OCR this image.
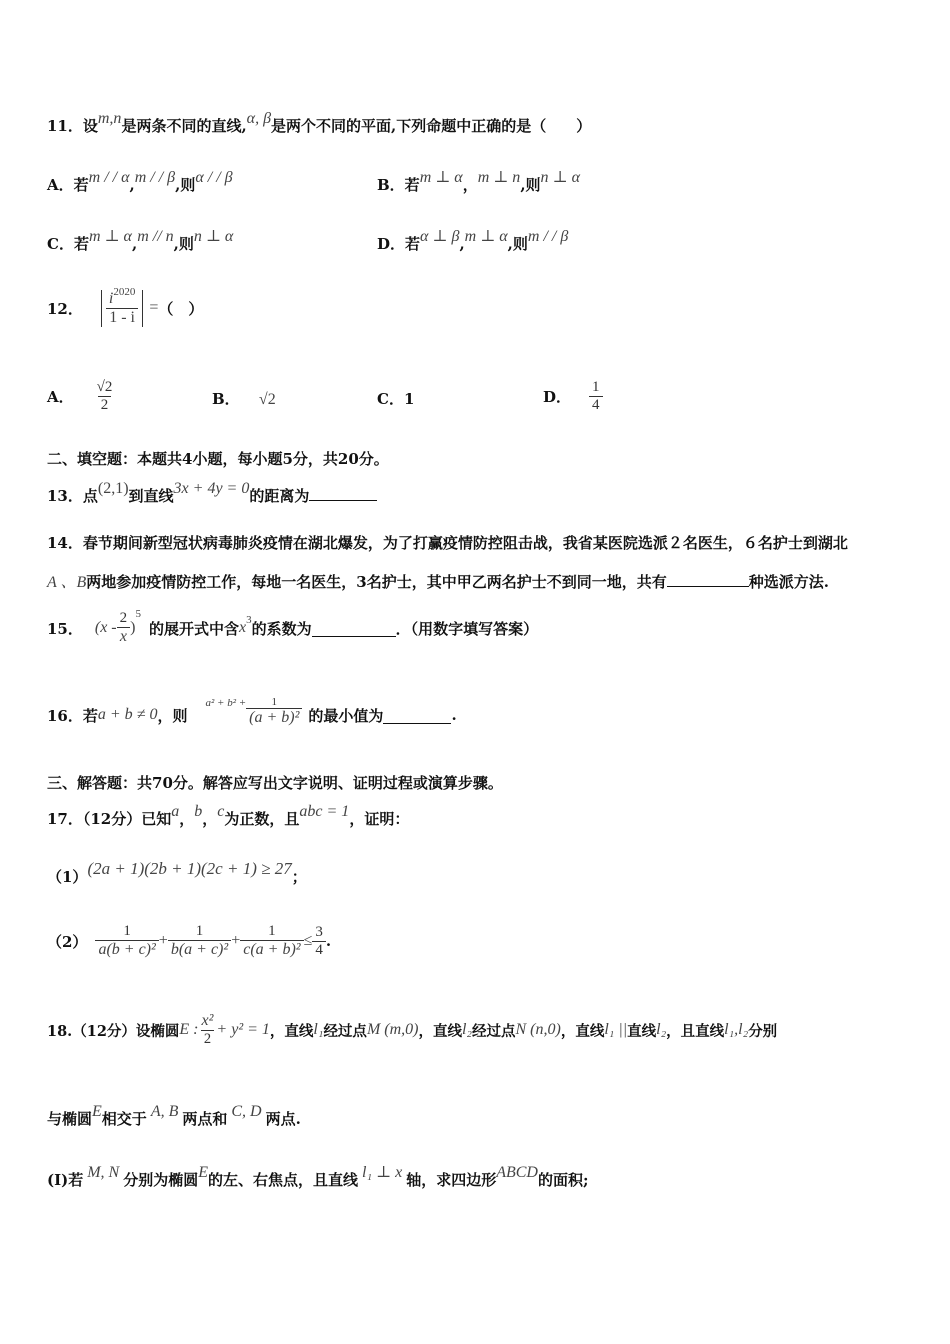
11．设m,n是两条不同的直线,α, β是两个不同的平面,下列命题中正确的是（　　）
A．若m / / α,m / / β,则α / / β	B．若m ⊥ α，m ⊥ n,则n ⊥ α
C．若m ⊥ α,m // n,则n ⊥ α	D．若α ⊥ β,m ⊥ α,则m / / β
12． $\frac{i^{2020}}{1 - i}$ = （　）
A． $\frac{√2}{2}$	B． √2	C．1	D． $\frac{1}{4}$
二、填空题：本题共4小题，每小题5分，共20分。
13．点(2,1)到直线3x + 4y = 0的距离为
14．春节期间新型冠状病毒肺炎疫情在湖北爆发，为了打赢疫情防控阻击战，我省某医院选派２名医生，６名护士到湖北
A 、B两地参加疫情防控工作，每地一名医生，3名护士，其中甲乙两名护士不到同一地，共有	种选派方法.
15． ($x - \frac{2}{x}$ )
5
的展开式中含 x 3 的系数为	．（用数字填写答案）
16．若 a + b ≠ 0 ，则
$a^2 + b^2 + \frac{1}{\text{(a + b)²}}$ 的最小值为	.
三、解答题：共70分。解答应写出文字说明、证明过程或演算步骤。
17．（12分）已知a，b，c为正数，且abc = 1，证明：
（1）(2a + 1)(2b + 1)(2c + 1) ≥ 27；
$(2) \frac{1}{\text{a(b + c)²}} + \frac{1}{\text{b(a + c)²}} + \frac{1}{\text{c(a + b)²}} \le \frac{3}{4}$ .
18.（12分）设椭圆 E : $\frac{\text{x²}}{2} + y^2 = 1$ ，直线 l₁ 经过点 M (m,0) ，直线 l₂ 经过点 N (n,0) ，直线 l₁ || 直线 l₂ ，且直线 l₁, l₂ 分别
与椭圆E相交于 A, B 两点和 C, D 两点.
(I)若 M, N 分别为椭圆E的左、右焦点，且直线 l₁ ⊥ x 轴，求四边形ABCD的面积;
